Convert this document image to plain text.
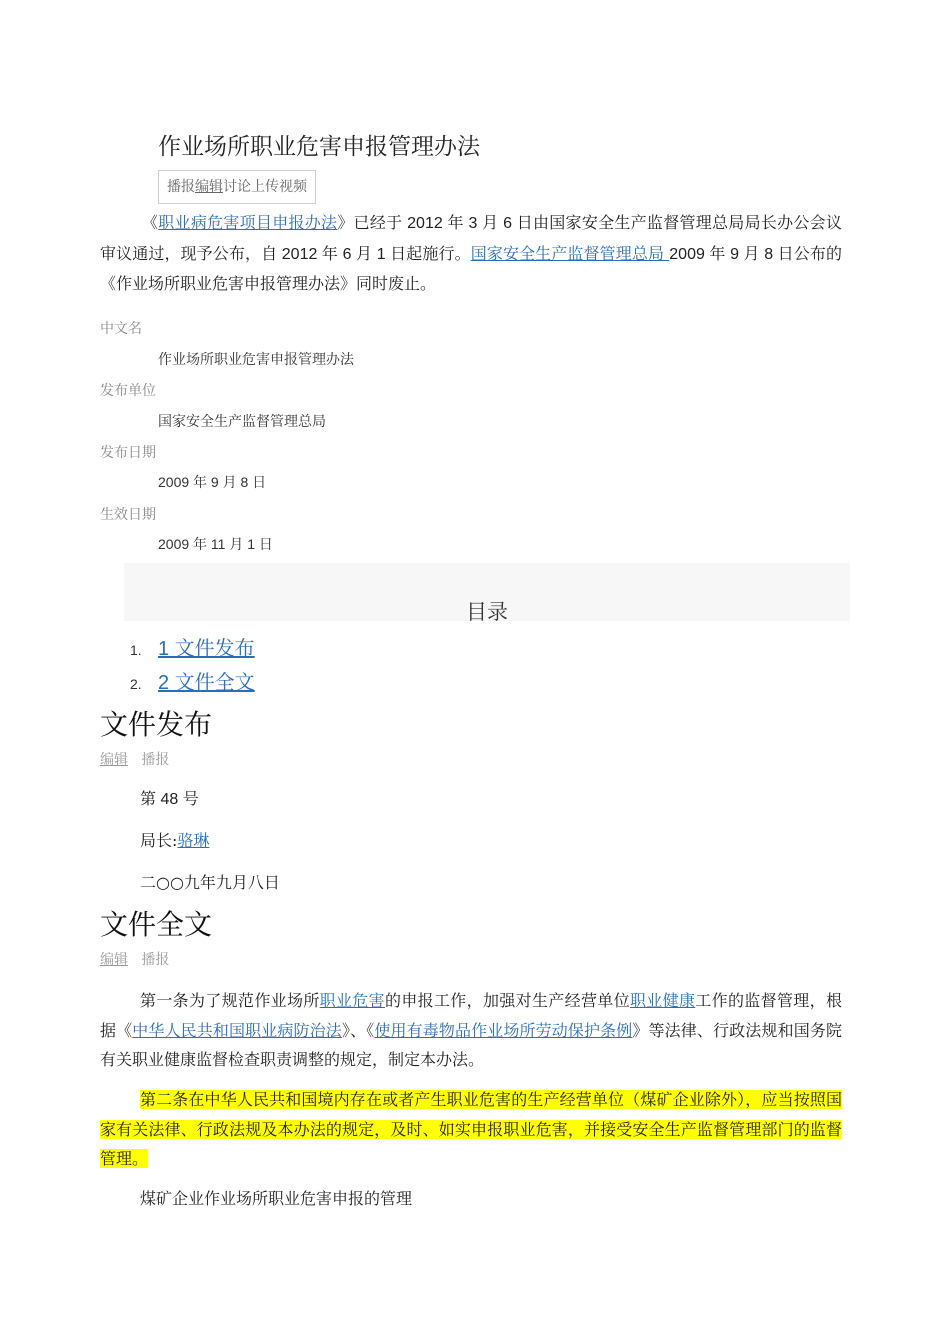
作业场所职业危害申报管理办法
播报编辑讨论上传视频
《职业病危害项目申报办法》已经于 2012 年 3 月 6 日由国家安全生产监督管理总局局长办公会议审议通过，现予公布，自 2012 年 6 月 1 日起施行。国家安全生产监督管理总局 2009 年 9 月 8 日公布的《作业场所职业危害申报管理办法》同时废止。
中文名
作业场所职业危害申报管理办法
发布单位
国家安全生产监督管理总局
发布日期
2009 年 9 月 8 日
生效日期
2009 年 11 月 1 日
目录
1. 1 文件发布
2. 2 文件全文
文件发布
编辑 播报
第 48 号
局长:骆琳
二○○九年九月八日
文件全文
编辑 播报
第一条为了规范作业场所职业危害的申报工作，加强对生产经营单位职业健康工作的监督管理，根据《中华人民共和国职业病防治法》、《使用有毒物品作业场所劳动保护条例》等法律、行政法规和国务院有关职业健康监督检查职责调整的规定，制定本办法。
第二条在中华人民共和国境内存在或者产生职业危害的生产经营单位（煤矿企业除外），应当按照国家有关法律、行政法规及本办法的规定，及时、如实申报职业危害，并接受安全生产监督管理部门的监督管理。
煤矿企业作业场所职业危害申报的管理
